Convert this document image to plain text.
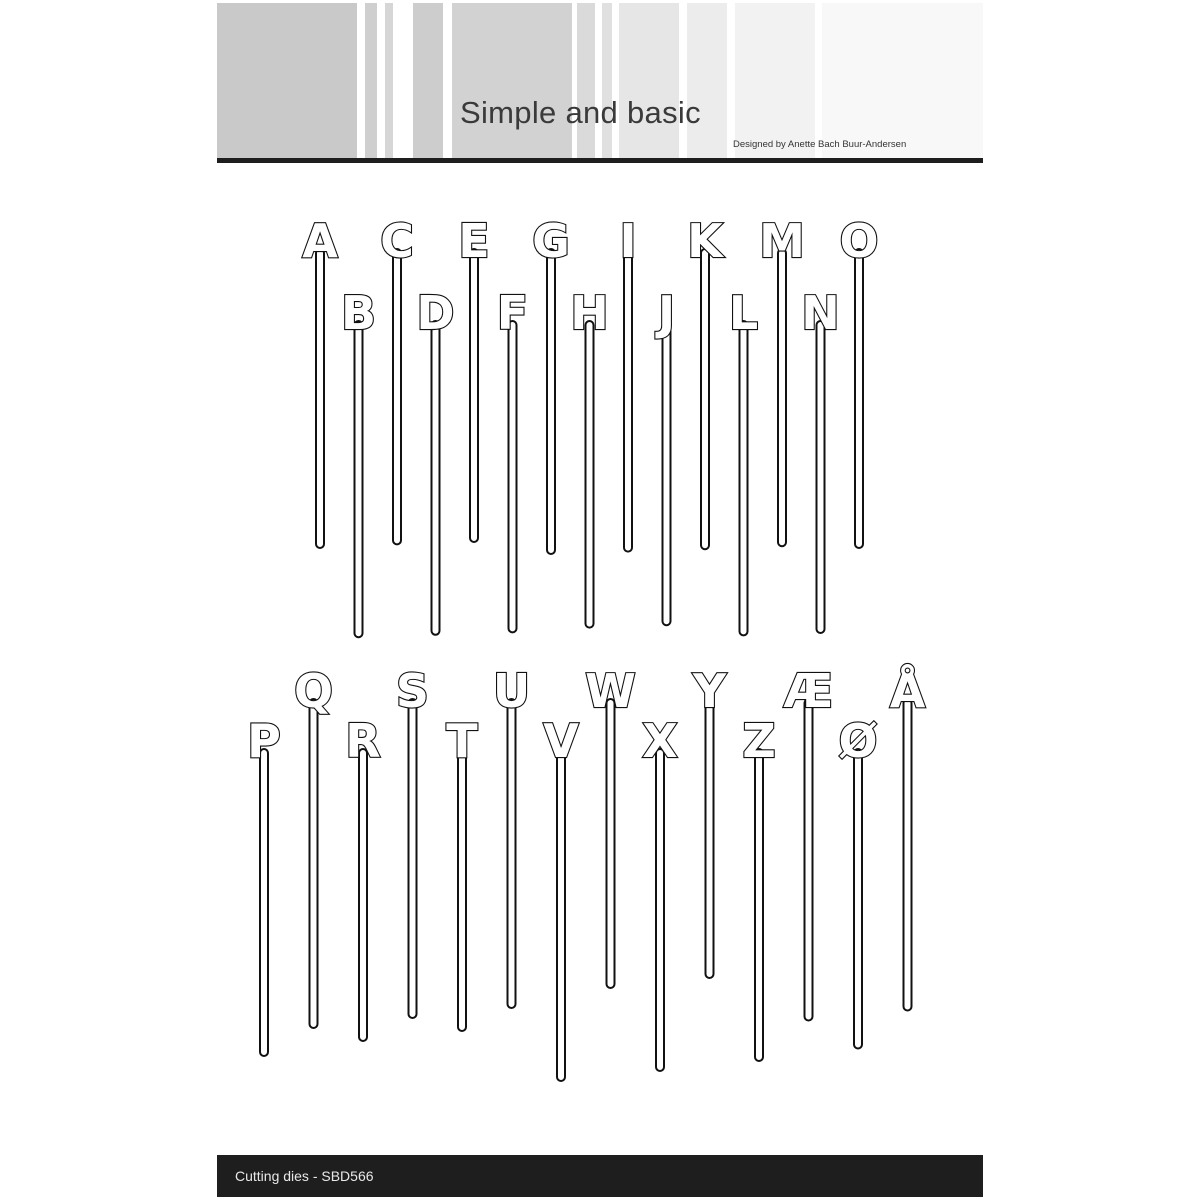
Simple and basic
Designed by Anette Bach Buur-Andersen
A
B
C
D
E
F
G
H
I
J
K
L
M
N
O
P
Q
R
S
T
U
V
W
X
Y
Z
Æ
Ø
Å
Cutting dies - SBD566
